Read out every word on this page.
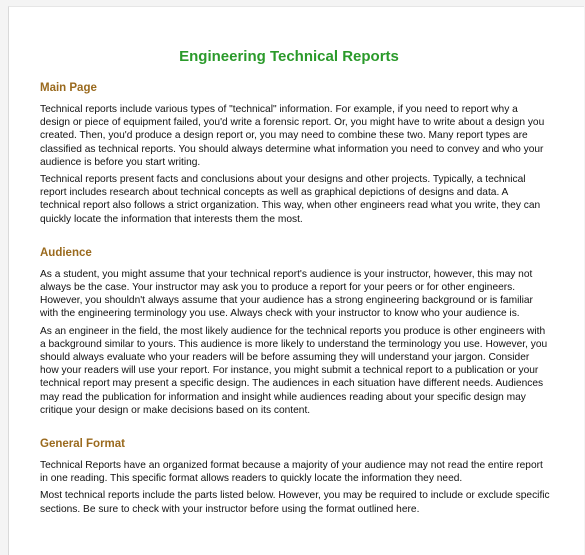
Engineering Technical Reports
Main Page

Technical reports include various types of "technical" information. For example, if you need to report why a design or piece of equipment failed, you'd write a forensic report. Or, you might have to write about a design you created. Then, you'd produce a design report or, you may need to combine these two. Many report types are classified as technical reports. You should always determine what information you need to convey and who your audience is before you start writing.

Technical reports present facts and conclusions about your designs and other projects. Typically, a technical report includes research about technical concepts as well as graphical depictions of designs and data. A technical report also follows a strict organization. This way, when other engineers read what you write, they can quickly locate the information that interests them the most.

Audience

As a student, you might assume that your technical report's audience is your instructor, however, this may not always be the case. Your instructor may ask you to produce a report for your peers or for other engineers. However, you shouldn't always assume that your audience has a strong engineering background or is familiar with the engineering terminology you use. Always check with your instructor to know who your audience is.

As an engineer in the field, the most likely audience for the technical reports you produce is other engineers with a background similar to yours. This audience is more likely to understand the terminology you use. However, you should always evaluate who your readers will be before assuming they will understand your jargon. Consider how your readers will use your report. For instance, you might submit a technical report to a publication or your technical report may present a specific design. The audiences in each situation have different needs. Audiences may read the publication for information and insight while audiences reading about your specific design may critique your design or make decisions based on its content.

General Format

Technical Reports have an organized format because a majority of your audience may not read the entire report in one reading. This specific format allows readers to quickly locate the information they need.

Most technical reports include the parts listed below. However, you may be required to include or exclude specific sections. Be sure to check with your instructor before using the format outlined here.
